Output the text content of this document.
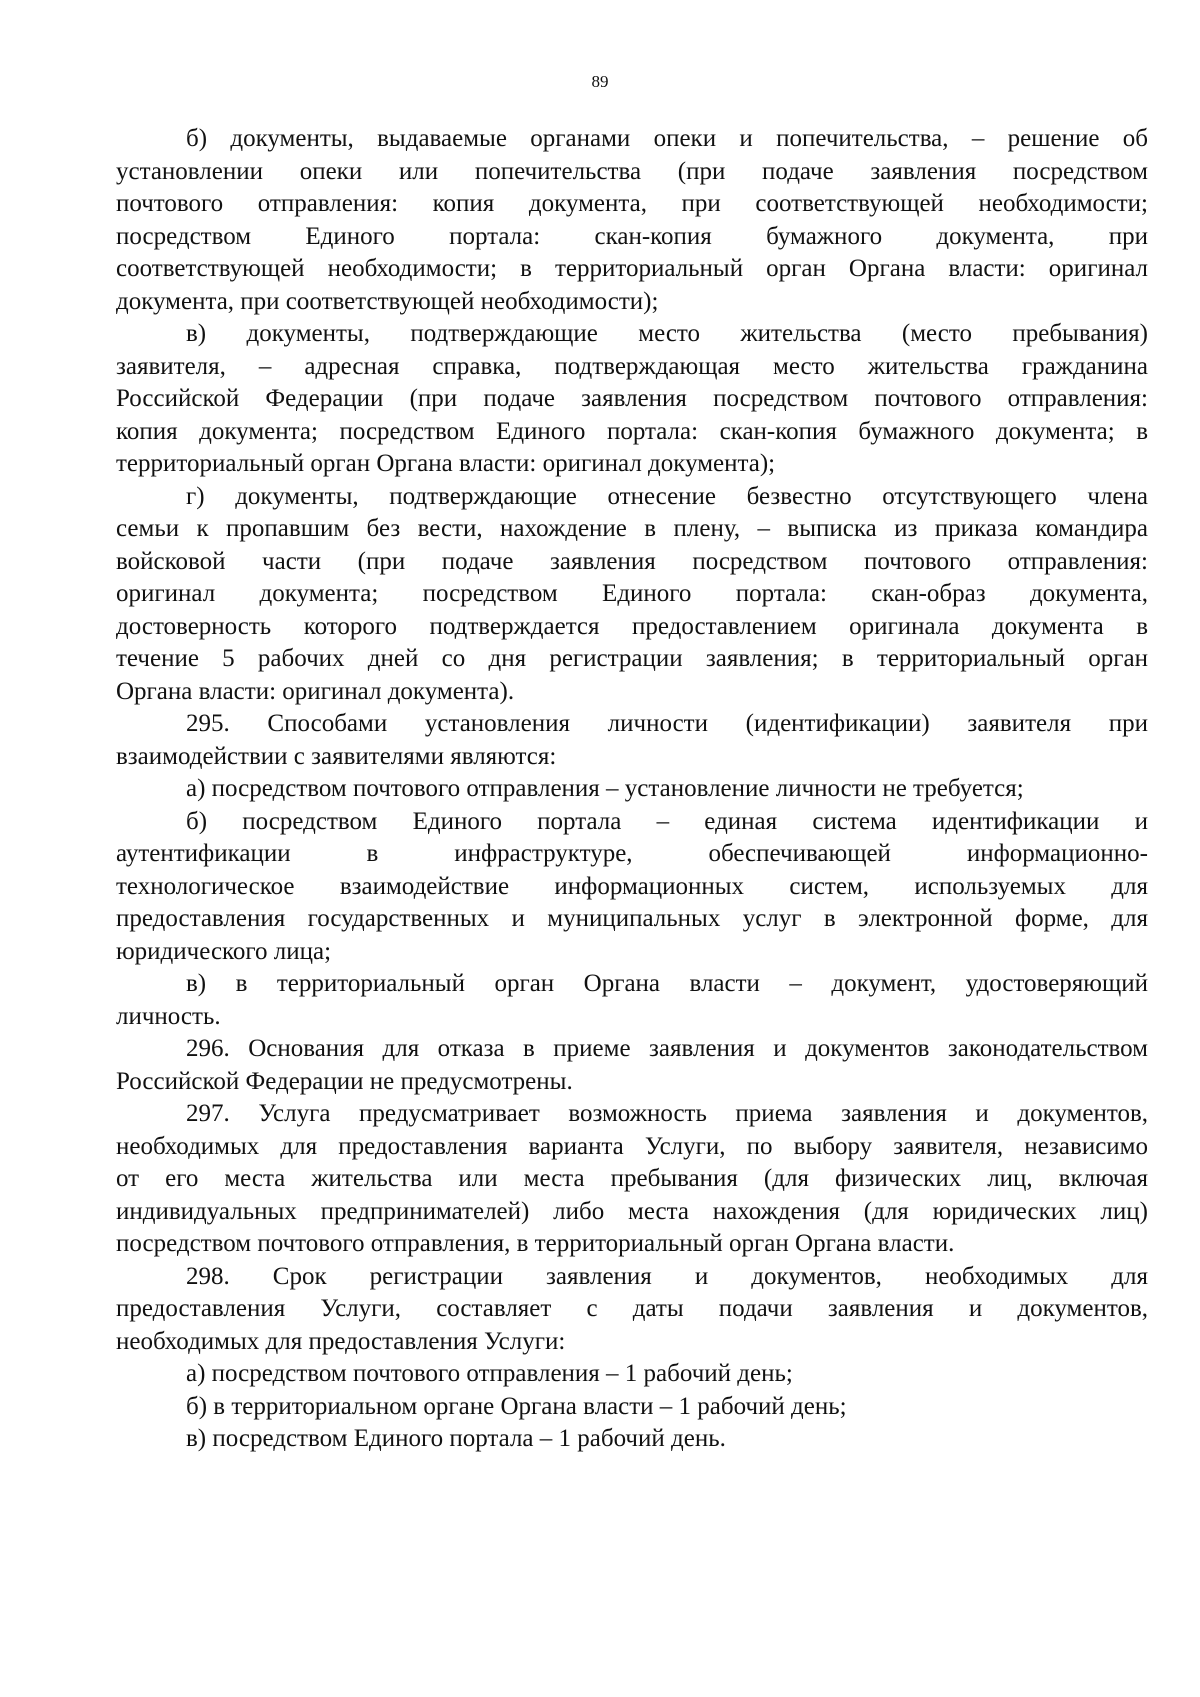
89
б) документы, выдаваемые органами опеки и попечительства, – решение об
установлении опеки или попечительства (при подаче заявления посредством
почтового отправления: копия документа, при соответствующей необходимости;
посредством Единого портала: скан-копия бумажного документа, при
соответствующей необходимости; в территориальный орган Органа власти: оригинал
документа, при соответствующей необходимости);
в) документы, подтверждающие место жительства (место пребывания)
заявителя, – адресная справка, подтверждающая место жительства гражданина
Российской Федерации (при подаче заявления посредством почтового отправления:
копия документа; посредством Единого портала: скан-копия бумажного документа; в
территориальный орган Органа власти: оригинал документа);
г) документы, подтверждающие отнесение безвестно отсутствующего члена
семьи к пропавшим без вести, нахождение в плену, – выписка из приказа командира
войсковой части (при подаче заявления посредством почтового отправления:
оригинал документа; посредством Единого портала: скан-образ документа,
достоверность которого подтверждается предоставлением оригинала документа в
течение 5 рабочих дней со дня регистрации заявления; в территориальный орган
Органа власти: оригинал документа).
295. Способами установления личности (идентификации) заявителя при
взаимодействии с заявителями являются:
а) посредством почтового отправления – установление личности не требуется;
б) посредством Единого портала – единая система идентификации и
аутентификации в инфраструктуре, обеспечивающей информационно-
технологическое взаимодействие информационных систем, используемых для
предоставления государственных и муниципальных услуг в электронной форме, для
юридического лица;
в) в территориальный орган Органа власти – документ, удостоверяющий
личность.
296. Основания для отказа в приеме заявления и документов законодательством
Российской Федерации не предусмотрены.
297. Услуга предусматривает возможность приема заявления и документов,
необходимых для предоставления варианта Услуги, по выбору заявителя, независимо
от его места жительства или места пребывания (для физических лиц, включая
индивидуальных предпринимателей) либо места нахождения (для юридических лиц)
посредством почтового отправления, в территориальный орган Органа власти.
298. Срок регистрации заявления и документов, необходимых для
предоставления Услуги, составляет с даты подачи заявления и документов,
необходимых для предоставления Услуги:
а) посредством почтового отправления – 1 рабочий день;
б) в территориальном органе Органа власти – 1 рабочий день;
в) посредством Единого портала – 1 рабочий день.
